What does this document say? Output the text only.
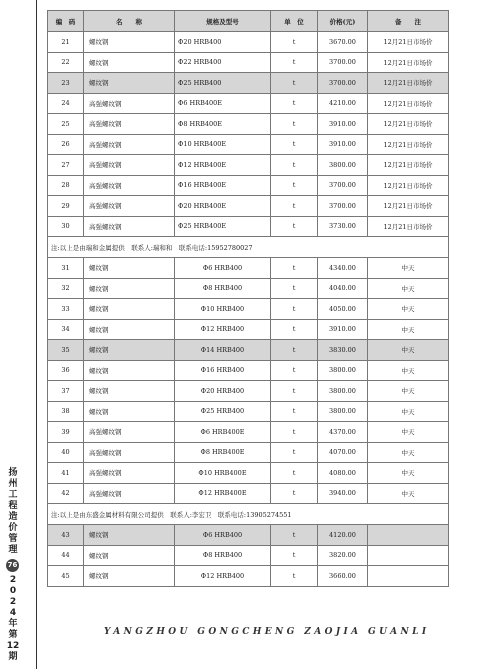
扬
州
工
程
造
价
管
理
76
2
0
2
4
年
第
12
期
编　码	名　　称	规格及型号	单　位	价格(元)	备　　注
21	螺纹钢	Φ20 HRB400	t	3670.00	12月21日市场价
22	螺纹钢	Φ22 HRB400	t	3700.00	12月21日市场价
23	螺纹钢	Φ25 HRB400	t	3700.00	12月21日市场价
24	高强螺纹钢	Φ6 HRB400E	t	4210.00	12月21日市场价
25	高强螺纹钢	Φ8 HRB400E	t	3910.00	12月21日市场价
26	高强螺纹钢	Φ10 HRB400E	t	3910.00	12月21日市场价
27	高强螺纹钢	Φ12 HRB400E	t	3800.00	12月21日市场价
28	高强螺纹钢	Φ16 HRB400E	t	3700.00	12月21日市场价
29	高强螺纹钢	Φ20 HRB400E	t	3700.00	12月21日市场价
30	高强螺纹钢	Φ25 HRB400E	t	3730.00	12月21日市场价
注:以上是由瑞和金属提供　联系人:瑞和和　联系电话:15952780027					
31	螺纹钢	Φ6 HRB400	t	4340.00	中天
32	螺纹钢	Φ8 HRB400	t	4040.00	中天
33	螺纹钢	Φ10 HRB400	t	4050.00	中天
34	螺纹钢	Φ12 HRB400	t	3910.00	中天
35	螺纹钢	Φ14 HRB400	t	3830.00	中天
36	螺纹钢	Φ16 HRB400	t	3800.00	中天
37	螺纹钢	Φ20 HRB400	t	3800.00	中天
38	螺纹钢	Φ25 HRB400	t	3800.00	中天
39	高强螺纹钢	Φ6 HRB400E	t	4370.00	中天
40	高强螺纹钢	Φ8 HRB400E	t	4070.00	中天
41	高强螺纹钢	Φ10 HRB400E	t	4080.00	中天
42	高强螺纹钢	Φ12 HRB400E	t	3940.00	中天
注:以上是由东盛金属材料有限公司提供　联系人:李宏卫　联系电话:13905274551					
43	螺纹钢	Φ6 HRB400	t	4120.00	
44	螺纹钢	Φ8 HRB400	t	3820.00	
45	螺纹钢	Φ12 HRB400	t	3660.00	
YANGZHOU GONGCHENG ZAOJIA GUANLI
